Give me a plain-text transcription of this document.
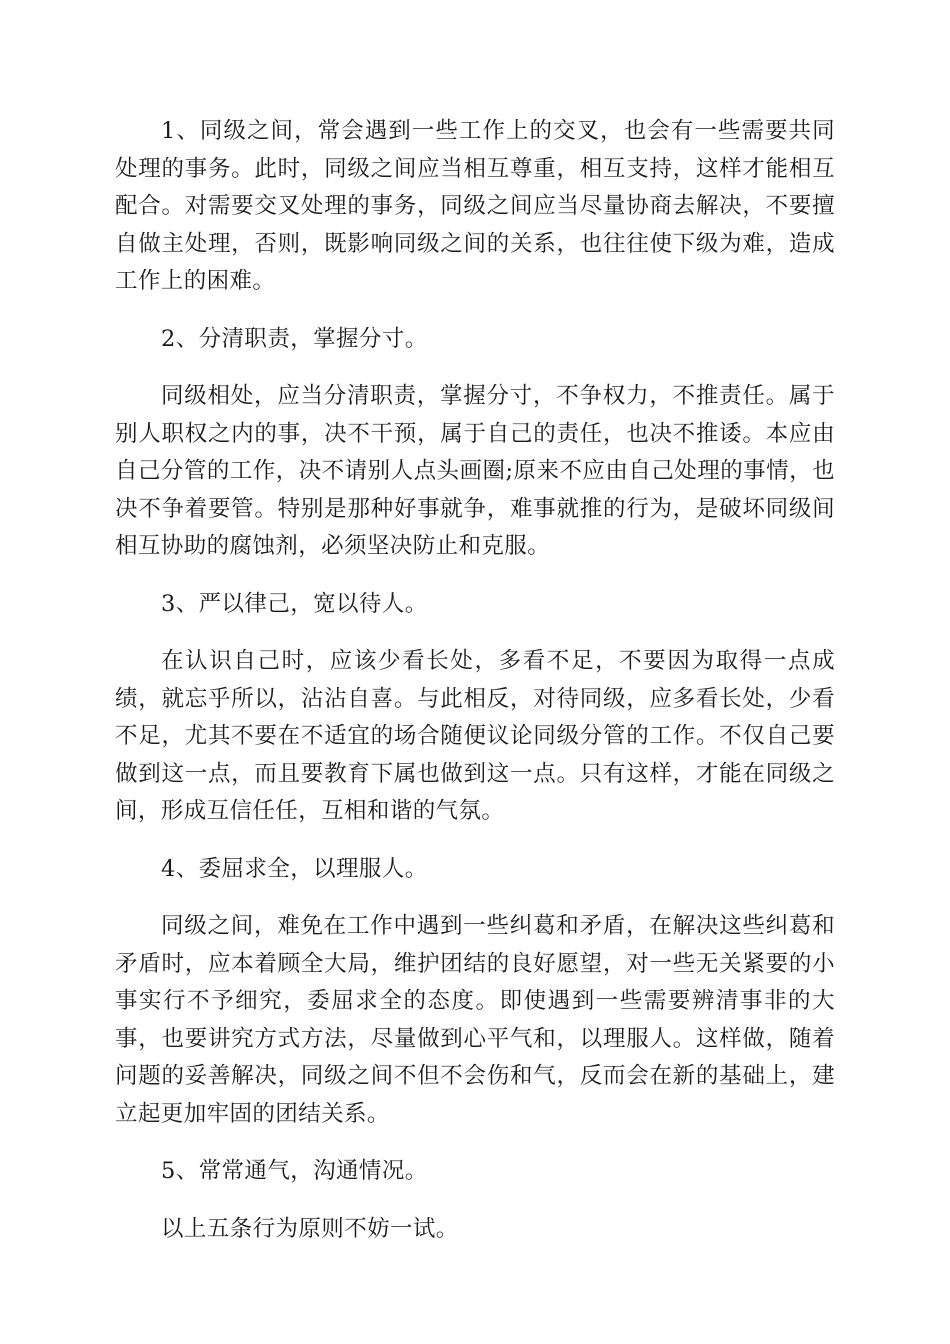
1、同级之间，常会遇到一些工作上的交叉，也会有一些需要共同处理的事务。此时，同级之间应当相互尊重，相互支持，这样才能相互配合。对需要交叉处理的事务，同级之间应当尽量协商去解决，不要擅自做主处理，否则，既影响同级之间的关系，也往往使下级为难，造成工作上的困难。

2、分清职责，掌握分寸。

同级相处，应当分清职责，掌握分寸，不争权力，不推责任。属于别人职权之内的事，决不干预，属于自己的责任，也决不推诿。本应由自己分管的工作，决不请别人点头画圈;原来不应由自己处理的事情，也决不争着要管。特别是那种好事就争，难事就推的行为，是破坏同级间相互协助的腐蚀剂，必须坚决防止和克服。

3、严以律己，宽以待人。

在认识自己时，应该少看长处，多看不足，不要因为取得一点成绩，就忘乎所以，沾沾自喜。与此相反，对待同级，应多看长处，少看不足，尤其不要在不适宜的场合随便议论同级分管的工作。不仅自己要做到这一点，而且要教育下属也做到这一点。只有这样，才能在同级之间，形成互信任任，互相和谐的气氛。

4、委屈求全，以理服人。

同级之间，难免在工作中遇到一些纠葛和矛盾，在解决这些纠葛和矛盾时，应本着顾全大局，维护团结的良好愿望，对一些无关紧要的小事实行不予细究，委屈求全的态度。即使遇到一些需要辨清事非的大事，也要讲究方式方法，尽量做到心平气和，以理服人。这样做，随着问题的妥善解决，同级之间不但不会伤和气，反而会在新的基础上，建立起更加牢固的团结关系。

5、常常通气，沟通情况。

以上五条行为原则不妨一试。
